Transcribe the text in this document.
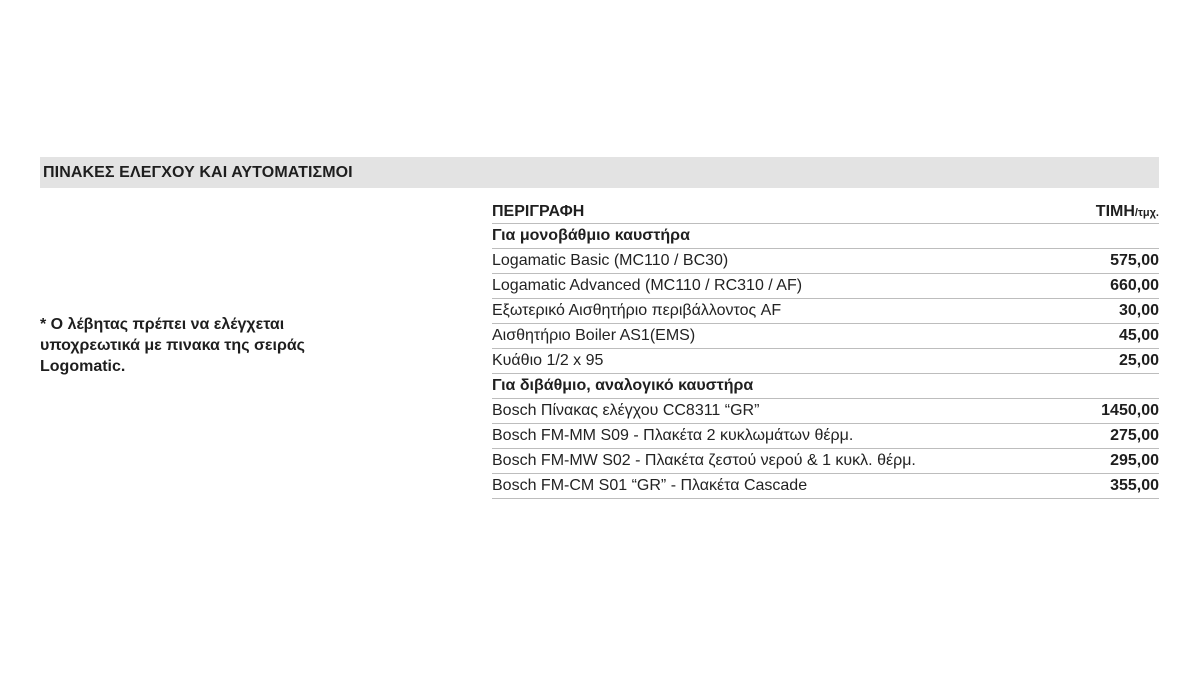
ΠΙΝΑΚΕΣ ΕΛΕΓΧΟΥ ΚΑΙ ΑΥΤΟΜΑΤΙΣΜΟΙ
* Ο λέβητας πρέπει να ελέγχεται υποχρεωτικά με πινακα της σειράς Logomatic.
ΠΕΡΙΓΡΑΦΗ	ΤΙΜΗ/τμχ.
Για μονοβάθμιο καυστήρα
Logamatic Basic (MC110 / BC30)	575,00
Logamatic Advanced (MC110 / RC310 / AF)	660,00
Εξωτερικό Αισθητήριο περιβάλλοντος AF	30,00
Αισθητήριο Boiler AS1(EMS)	45,00
Κυάθιο 1/2 x 95	25,00
Για διβάθμιο, αναλογικό καυστήρα
Bosch Πίνακας ελέγχου CC8311 “GR”	1450,00
Bosch FM-MM S09 - Πλακέτα 2 κυκλωμάτων θέρμ.	275,00
Bosch FM-MW S02 - Πλακέτα ζεστού νερού & 1 κυκλ. θέρμ.	295,00
Bosch FM-CM S01 “GR” - Πλακέτα Cascade	355,00
